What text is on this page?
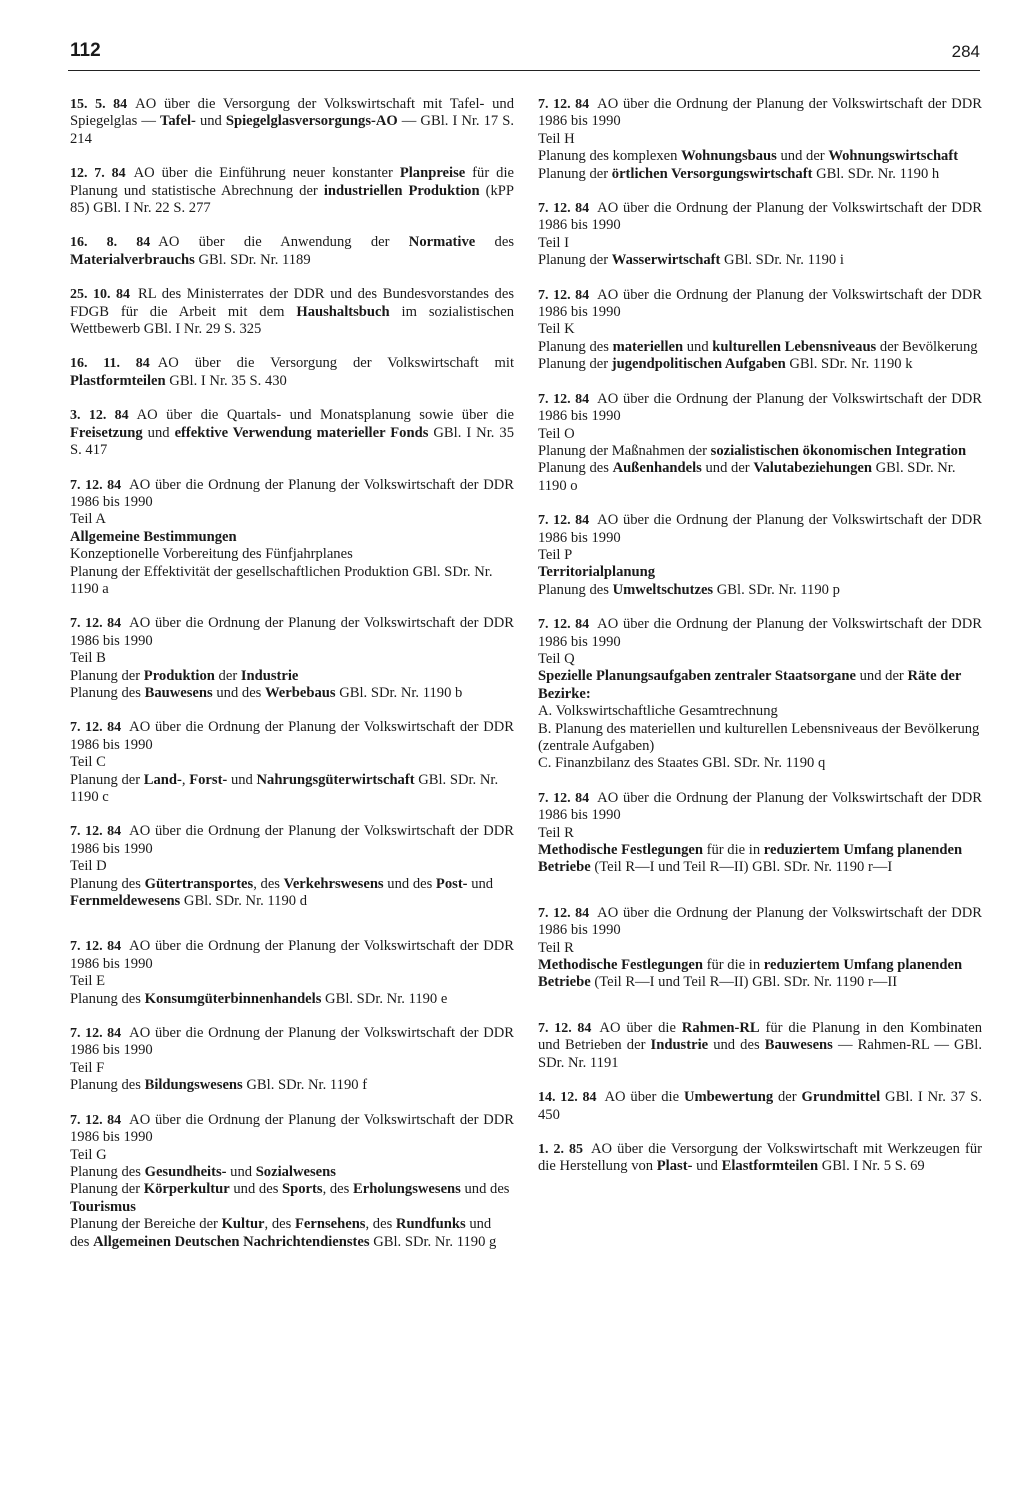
112	284

15. 5. 84 AO über die Versorgung der Volkswirtschaft mit Tafel- und Spiegelglas — Tafel- und Spiegelglasversorgungs-AO — GBl. I Nr. 17 S. 214

12. 7. 84 AO über die Einführung neuer konstanter Planpreise für die Planung und statistische Abrechnung der industriellen Produktion (kPP 85) GBl. I Nr. 22 S. 277

16. 8. 84 AO über die Anwendung der Normative des Materialverbrauchs GBl. SDr. Nr. 1189

25. 10. 84 RL des Ministerrates der DDR und des Bundesvorstandes des FDGB für die Arbeit mit dem Haushaltsbuch im sozialistischen Wettbewerb GBl. I Nr. 29 S. 325

16. 11. 84 AO über die Versorgung der Volkswirtschaft mit Plastformteilen GBl. I Nr. 35 S. 430

3. 12. 84 AO über die Quartals- und Monatsplanung sowie über die Freisetzung und effektive Verwendung materieller Fonds GBl. I Nr. 35 S. 417

7. 12. 84 AO über die Ordnung der Planung der Volkswirtschaft der DDR 1986 bis 1990

Teil A
Allgemeine Bestimmungen
Konzeptionelle Vorbereitung des Fünfjahrplanes
Planung der Effektivität der gesellschaftlichen Produktion GBl. SDr. Nr. 1190 a

7. 12. 84 AO über die Ordnung der Planung der Volkswirtschaft der DDR 1986 bis 1990

Teil B
Planung der Produktion der Industrie
Planung des Bauwesens und des Werbebaus GBl. SDr. Nr. 1190 b

7. 12. 84 AO über die Ordnung der Planung der Volkswirtschaft der DDR 1986 bis 1990

Teil C
Planung der Land-, Forst- und Nahrungsgüterwirtschaft GBl. SDr. Nr. 1190 c

7. 12. 84 AO über die Ordnung der Planung der Volkswirtschaft der DDR 1986 bis 1990

Teil D
Planung des Gütertransportes, des Verkehrswesens und des Post- und Fernmeldewesens GBl. SDr. Nr. 1190 d

7. 12. 84 AO über die Ordnung der Planung der Volkswirtschaft der DDR 1986 bis 1990

Teil E
Planung des Konsumgüterbinnenhandels GBl. SDr. Nr. 1190 e

7. 12. 84 AO über die Ordnung der Planung der Volkswirtschaft der DDR 1986 bis 1990

Teil F
Planung des Bildungswesens GBl. SDr. Nr. 1190 f

7. 12. 84 AO über die Ordnung der Planung der Volkswirtschaft der DDR 1986 bis 1990

Teil G
Planung des Gesundheits- und Sozialwesens
Planung der Körperkultur und des Sports, des Erholungswesens und des Tourismus
Planung der Bereiche der Kultur, des Fernsehens, des Rundfunks und des Allgemeinen Deutschen Nachrichtendienstes GBl. SDr. Nr. 1190 g

7. 12. 84 AO über die Ordnung der Planung der Volkswirtschaft der DDR 1986 bis 1990

Teil H
Planung des komplexen Wohnungsbaus und der Wohnungswirtschaft
Planung der örtlichen Versorgungswirtschaft GBl. SDr. Nr. 1190 h

7. 12. 84 AO über die Ordnung der Planung der Volkswirtschaft der DDR 1986 bis 1990

Teil I
Planung der Wasserwirtschaft GBl. SDr. Nr. 1190 i

7. 12. 84 AO über die Ordnung der Planung der Volkswirtschaft der DDR 1986 bis 1990

Teil K
Planung des materiellen und kulturellen Lebensniveaus der Bevölkerung
Planung der jugendpolitischen Aufgaben GBl. SDr. Nr. 1190 k

7. 12. 84 AO über die Ordnung der Planung der Volkswirtschaft der DDR 1986 bis 1990

Teil O
Planung der Maßnahmen der sozialistischen ökonomischen Integration
Planung des Außenhandels und der Valutabeziehungen GBl. SDr. Nr. 1190 o

7. 12. 84 AO über die Ordnung der Planung der Volkswirtschaft der DDR 1986 bis 1990

Teil P
Territorialplanung
Planung des Umweltschutzes GBl. SDr. Nr. 1190 p

7. 12. 84 AO über die Ordnung der Planung der Volkswirtschaft der DDR 1986 bis 1990

Teil Q
Spezielle Planungsaufgaben zentraler Staatsorgane und der Räte der Bezirke:
A. Volkswirtschaftliche Gesamtrechnung
B. Planung des materiellen und kulturellen Lebensniveaus der Bevölkerung (zentrale Aufgaben)
C. Finanzbilanz des Staates GBl. SDr. Nr. 1190 q

7. 12. 84 AO über die Ordnung der Planung der Volkswirtschaft der DDR 1986 bis 1990

Teil R
Methodische Festlegungen für die in reduziertem Umfang planenden Betriebe (Teil R—I und Teil R—II) GBl. SDr. Nr. 1190 r—I

7. 12. 84 AO über die Ordnung der Planung der Volkswirtschaft der DDR 1986 bis 1990

Teil R
Methodische Festlegungen für die in reduziertem Umfang planenden Betriebe (Teil R—I und Teil R—II) GBl. SDr. Nr. 1190 r—II

7. 12. 84 AO über die Rahmen-RL für die Planung in den Kombinaten und Betrieben der Industrie und des Bauwesens — Rahmen-RL — GBl. SDr. Nr. 1191

14. 12. 84 AO über die Umbewertung der Grundmittel GBl. I Nr. 37 S. 450

1. 2. 85 AO über die Versorgung der Volkswirtschaft mit Werkzeugen für die Herstellung von Plast- und Elastformteilen GBl. I Nr. 5 S. 69
